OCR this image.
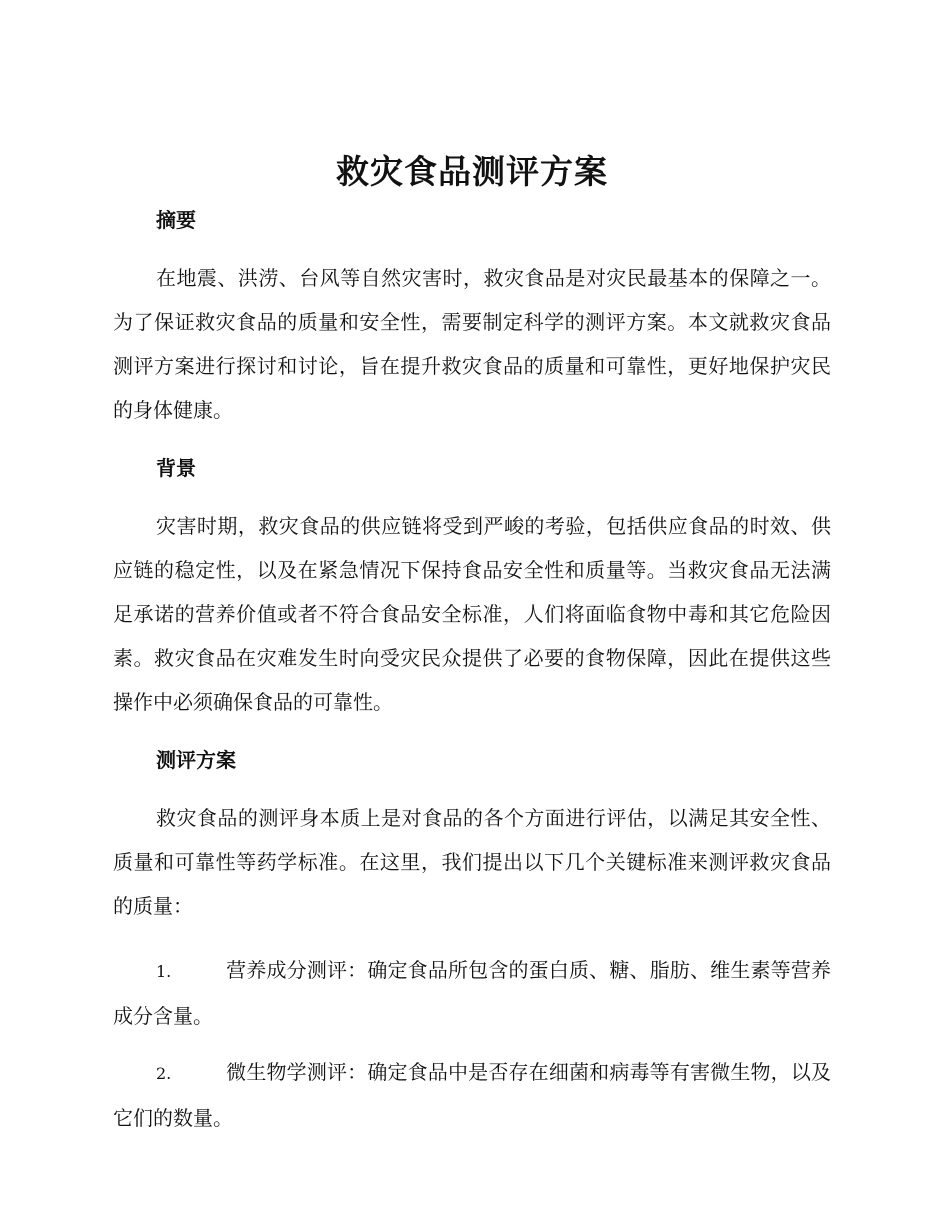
救灾食品测评方案
摘要

在地震、洪涝、台风等自然灾害时，救灾食品是对灾民最基本的保障之一。为了保证救灾食品的质量和安全性，需要制定科学的测评方案。本文就救灾食品测评方案进行探讨和讨论，旨在提升救灾食品的质量和可靠性，更好地保护灾民的身体健康。

背景

灾害时期，救灾食品的供应链将受到严峻的考验，包括供应食品的时效、供应链的稳定性，以及在紧急情况下保持食品安全性和质量等。当救灾食品无法满足承诺的营养价值或者不符合食品安全标准，人们将面临食物中毒和其它危险因素。救灾食品在灾难发生时向受灾民众提供了必要的食物保障，因此在提供这些操作中必须确保食品的可靠性。

测评方案

救灾食品的测评身本质上是对食品的各个方面进行评估，以满足其安全性、质量和可靠性等药学标准。在这里，我们提出以下几个关键标准来测评救灾食品的质量：

1.	营养成分测评：确定食品所包含的蛋白质、糖、脂肪、维生素等营养成分含量。
2.	微生物学测评：确定食品中是否存在细菌和病毒等有害微生物，以及它们的数量。
